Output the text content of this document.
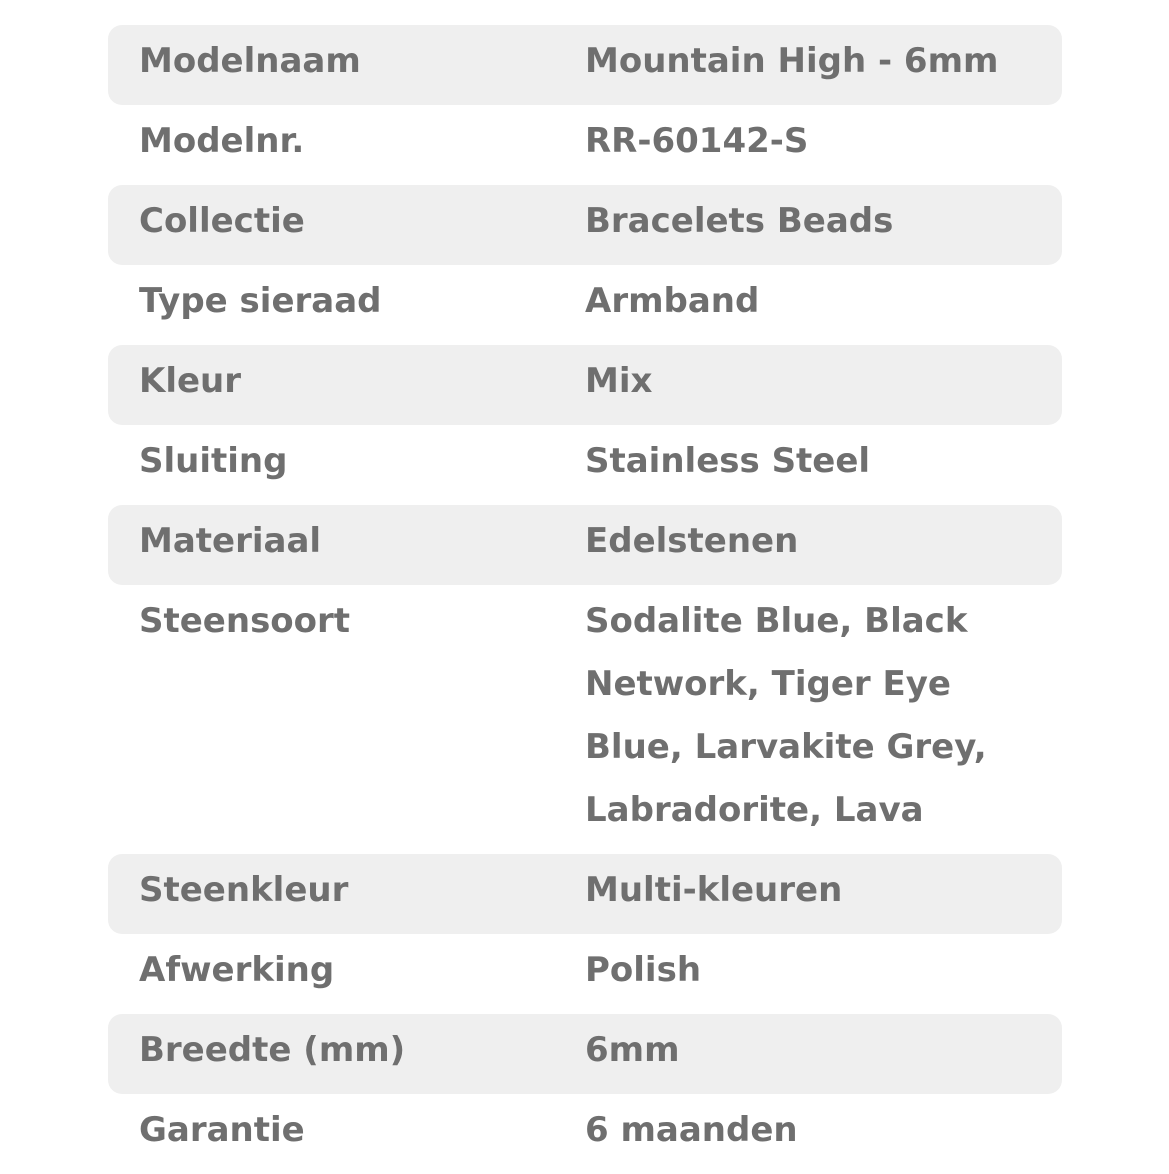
Modelnaam	Mountain High - 6mm
Modelnr.	RR-60142-S
Collectie	Bracelets Beads
Type sieraad	Armband
Kleur	Mix
Sluiting	Stainless Steel
Materiaal	Edelstenen
Steensoort	Sodalite Blue, Black Network, Tiger Eye Blue, Larvakite Grey, Labradorite, Lava
Steenkleur	Multi-kleuren
Afwerking	Polish
Breedte (mm)	6mm
Garantie	6 maanden
